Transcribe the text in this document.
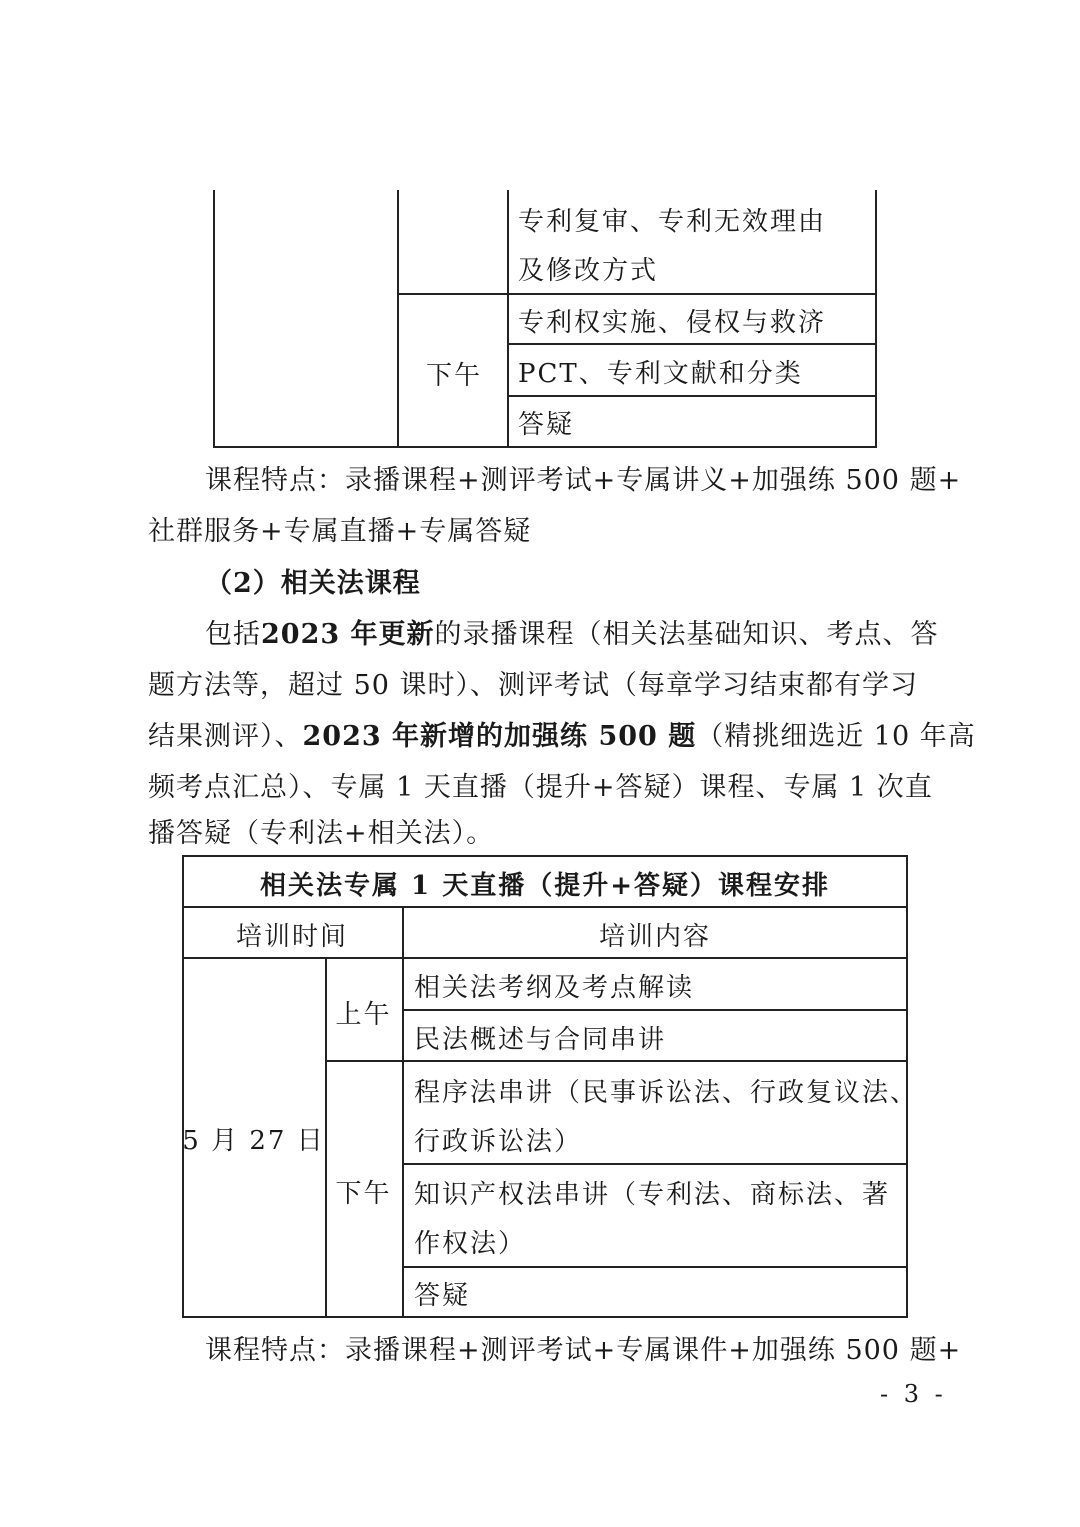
专利复审、专利无效理由
及修改方式
下午
专利权实施、侵权与救济
PCT、专利文献和分类
答疑
课程特点：录播课程+测评考试+专属讲义+加强练 500 题+
社群服务+专属直播+专属答疑
（2）相关法课程
包括2023 年更新的录播课程（相关法基础知识、考点、答
题方法等，超过 50 课时）、测评考试（每章学习结束都有学习
结果测评）、2023 年新增的加强练 500 题（精挑细选近 10 年高
频考点汇总）、专属 1 天直播（提升+答疑）课程、专属 1 次直
播答疑（专利法+相关法）。
相关法专属 1 天直播（提升+答疑）课程安排
培训时间	培训内容
5 月 27 日
上午
相关法考纲及考点解读
民法概述与合同串讲
下午
程序法串讲（民事诉讼法、行政复议法、
行政诉讼法）
知识产权法串讲（专利法、商标法、著
作权法）
答疑
课程特点：录播课程+测评考试+专属课件+加强练 500 题+
- 3 -
